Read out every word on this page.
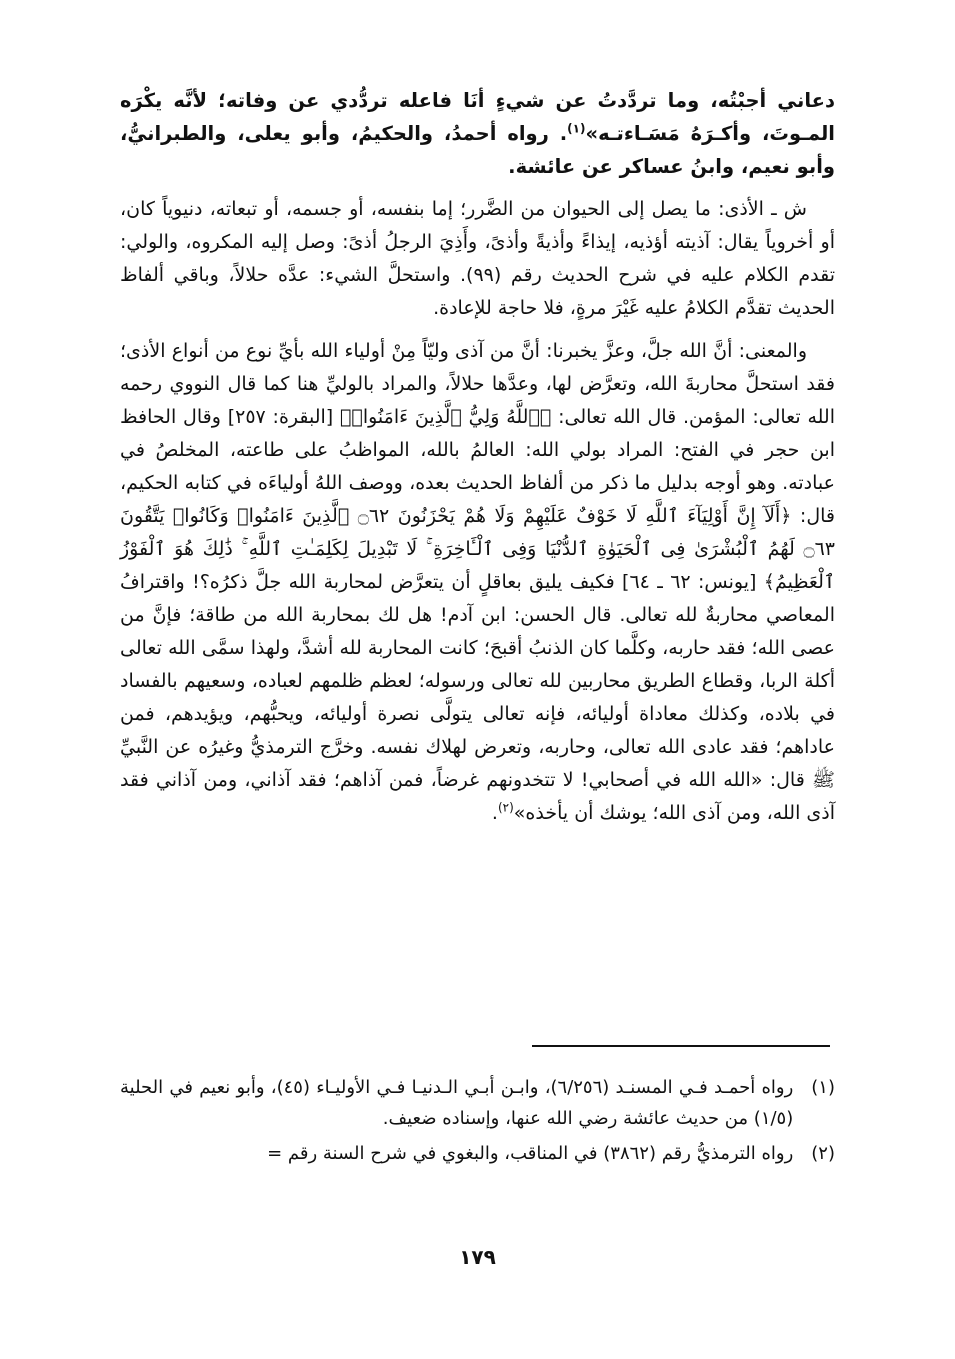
دعاني أجبْتُه، وما تردَّدتُ عن شيءٍ أنَا فاعله تردُّدي عن وفاته؛ لأنَّه يكْرَه المـوتَ، وأكـرَهُ مَسَـاءتـه»$^{(١)}$. رواه أحمدُ، والحكيمُ، وأبو يعلى، والطبرانيُّ، وأبو نعيم، وابنُ عساكر عن عائشة.

ش ـ الأذى: ما يصل إلى الحيوان من الضَّرر؛ إما بنفسه، أو جسمه، أو تبعاته، دنيوياً كان، أو أخروياً يقال: آذيته أؤذيه، إيذاءً وأذيةً وأذىً، وأَذِيَ الرجلُ أذىً: وصل إليه المكروه، والولي: تقدم الكلام عليه في شرح الحديث رقم (٩٩). واستحلَّ الشيء: عدَّه حلالاً، وباقي ألفاظ الحديث تقدَّم الكلامُ عليه غَيْرَ مرةٍ، فلا حاجة للإعادة.

والمعنى: أنَّ الله جلَّ، وعزَّ يخبرنا: أنَّ من آذى وليّاً مِنْ أولياء الله بأيِّ نوع من أنواع الأذى؛ فقد استحلَّ محاربةَ الله، وتعرَّض لها، وعدَّها حلالاً، والمراد بالوليِّ هنا كما قال النووي رحمه الله تعالى: المؤمن. قال الله تعالى: ﴿ٱللَّهُ وَلِيُّ ٱلَّذِينَ ءَامَنُوا۟﴾ [البقرة: ٢٥٧] وقال الحافظ ابن حجر في الفتح: المراد بولي الله: العالمُ بالله، المواظبُ على طاعته، المخلصُ في عبادته. وهو أوجه بدليل ما ذكر من ألفاظ الحديث بعده، ووصف اللهُ أولياءَه في كتابه الحكيم، قال: ﴿أَلَآ إِنَّ أَوْلِيَآءَ ٱللَّهِ لَا خَوْفٌ عَلَيْهِمْ وَلَا هُمْ يَحْزَنُونَ ۝٦٢ ٱلَّذِينَ ءَامَنُوا۟ وَكَانُوا۟ يَتَّقُونَ ۝٦٣ لَهُمُ ٱلْبُشْرَىٰ فِى ٱلْحَيَوٰةِ ٱلدُّنْيَا وَفِى ٱلْـَٔاخِرَةِ ۚ لَا تَبْدِيلَ لِكَلِمَـٰتِ ٱللَّهِ ۚ ذَٰلِكَ هُوَ ٱلْفَوْزُ ٱلْعَظِيمُ﴾ [يونس: ٦٢ ـ ٦٤] فكيف يليق بعاقلٍ أن يتعرَّض لمحاربة الله جلَّ ذكرُه؟! واقترافُ المعاصي محاربةٌ لله تعالى. قال الحسن: ابن آدم! هل لك بمحاربة الله من طاقة؛ فإنَّ من عصى الله؛ فقد حاربه، وكلَّما كان الذنبُ أقبحَ؛ كانت المحاربة لله أشدَّ، ولهذا سمَّى الله تعالى أكلة الربا، وقطاع الطريق محاربين لله تعالى ورسوله؛ لعظم ظلمهم لعباده، وسعيهم بالفساد في بلاده، وكذلك معاداة أوليائه، فإنه تعالى يتولَّى نصرة أوليائه، ويحبُّهم، ويؤيدهم، فمن عاداهم؛ فقد عادى الله تعالى، وحاربه، وتعرض لهلاك نفسه. وخرَّج الترمذيُّ وغيرُه عن النَّبيِّ ﷺ قال: «الله الله في أصحابي! لا تتخدونهم غرضاً، فمن آذاهم؛ فقد آذاني، ومن آذاني فقد آذى الله، ومن آذى الله؛ يوشك أن يأخذه»$^{(٢)}$.

(١)
رواه أحمـد فـي المسنـد (٦/٢٥٦)، وابـن أبـي الـدنيـا فـي الأوليـاء (٤٥)، وأبو نعيم في الحلية (١/٥) من حديث عائشة رضي الله عنها، وإسناده ضعيف.
(٢)
رواه الترمذيُّ رقم (٣٨٦٢) في المناقب، والبغوي في شرح السنة رقم =
١٧٩
